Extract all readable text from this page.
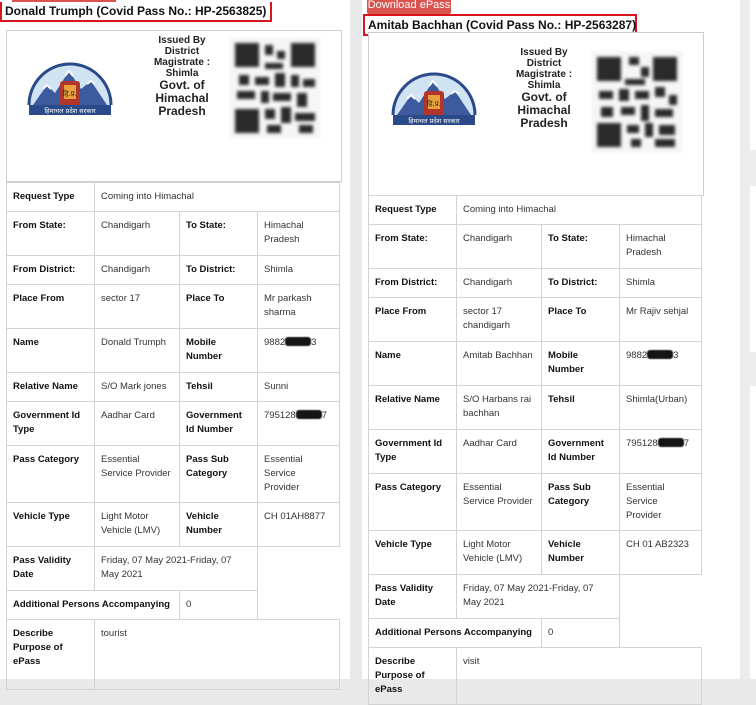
Donald Trumph (Covid Pass No.: HP-2563825)
हि.प्र.
हिमाचल प्रदेश सरकार
Issued By
District
Magistrate :
Shimla
Govt. of
Himachal
Pradesh
Request Type	Coming into Himachal		
From State:	Chandigarh	To State:	Himachal Pradesh
From District:	Chandigarh	To District:	Shimla
Place From	sector 17	Place To	Mr parkash sharma
Name	Donald Trumph	Mobile Number	9882 3
Relative Name	S/O Mark jones	Tehsil	Sunni
Government Id Type	Aadhar Card	Government Id Number	795128 7
Pass Category	Essential Service Provider	Pass Sub Category	Essential Service Provider
Vehicle Type	Light Motor Vehicle (LMV)	Vehicle Number	CH 01AH8877
Pass Validity Date	Friday, 07 May 2021-Friday, 07 May 2021		
Additional Persons Accompanying		0	
Describe Purpose of ePass	tourist		
Download ePass
Amitab Bachhan (Covid Pass No.: HP-2563287)
हि.प्र.
हिमाचल प्रदेश सरकार
Issued By
District
Magistrate :
Shimla
Govt. of
Himachal
Pradesh
Request Type	Coming into Himachal		
From State:	Chandigarh	To State:	Himachal Pradesh
From District:	Chandigarh	To District:	Shimla
Place From	sector 17 chandigarh	Place To	Mr Rajiv sehjal
Name	Amitab Bachhan	Mobile Number	9882 3
Relative Name	S/O Harbans rai bachhan	Tehsil	Shimla(Urban)
Government Id Type	Aadhar Card	Government Id Number	795128 7
Pass Category	Essential Service Provider	Pass Sub Category	Essential Service Provider
Vehicle Type	Light Motor Vehicle (LMV)	Vehicle Number	CH 01 AB2323
Pass Validity Date	Friday, 07 May 2021-Friday, 07 May 2021		
Additional Persons Accompanying		0	
Describe Purpose of ePass	visit		
